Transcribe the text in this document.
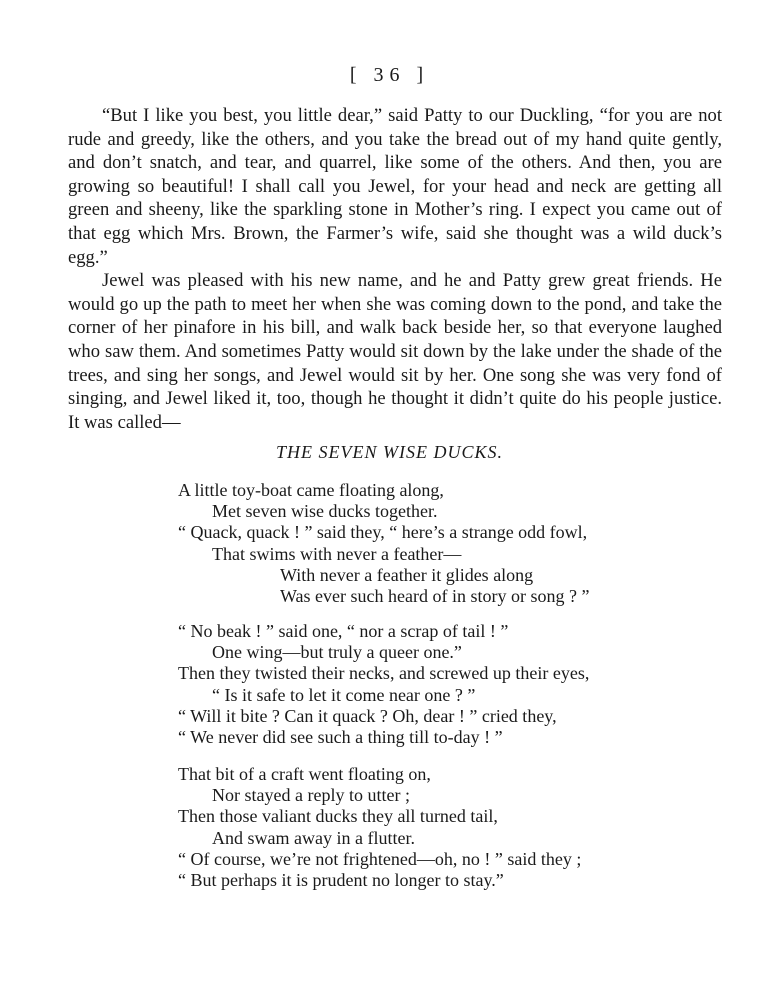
[ 36 ]

“But I like you best, you little dear,” said Patty to our Duckling, “for you are not rude and greedy, like the others, and you take the bread out of my hand quite gently, and don’t snatch, and tear, and quarrel, like some of the others. And then, you are growing so beautiful! I shall call you Jewel, for your head and neck are getting all green and sheeny, like the sparkling stone in Mother’s ring. I expect you came out of that egg which Mrs. Brown, the Farmer’s wife, said she thought was a wild duck’s egg.”

Jewel was pleased with his new name, and he and Patty grew great friends. He would go up the path to meet her when she was coming down to the pond, and take the corner of her pinafore in his bill, and walk back beside her, so that everyone laughed who saw them. And sometimes Patty would sit down by the lake under the shade of the trees, and sing her songs, and Jewel would sit by her. One song she was very fond of singing, and Jewel liked it, too, though he thought it didn’t quite do his people justice. It was called—

THE SEVEN WISE DUCKS.
A little toy-boat came floating along,
Met seven wise ducks together.
“ Quack, quack ! ” said they, “ here’s a strange odd fowl,
That swims with never a feather—
With never a feather it glides along
Was ever such heard of in story or song ? ”
“ No beak ! ” said one, “ nor a scrap of tail ! ”
One wing—but truly a queer one.”
Then they twisted their necks, and screwed up their eyes,
“ Is it safe to let it come near one ? ”
“ Will it bite ? Can it quack ? Oh, dear ! ” cried they,
“ We never did see such a thing till to-day ! ”
That bit of a craft went floating on,
Nor stayed a reply to utter ;
Then those valiant ducks they all turned tail,
And swam away in a flutter.
“ Of course, we’re not frightened—oh, no ! ” said they ;
“ But perhaps it is prudent no longer to stay.”
